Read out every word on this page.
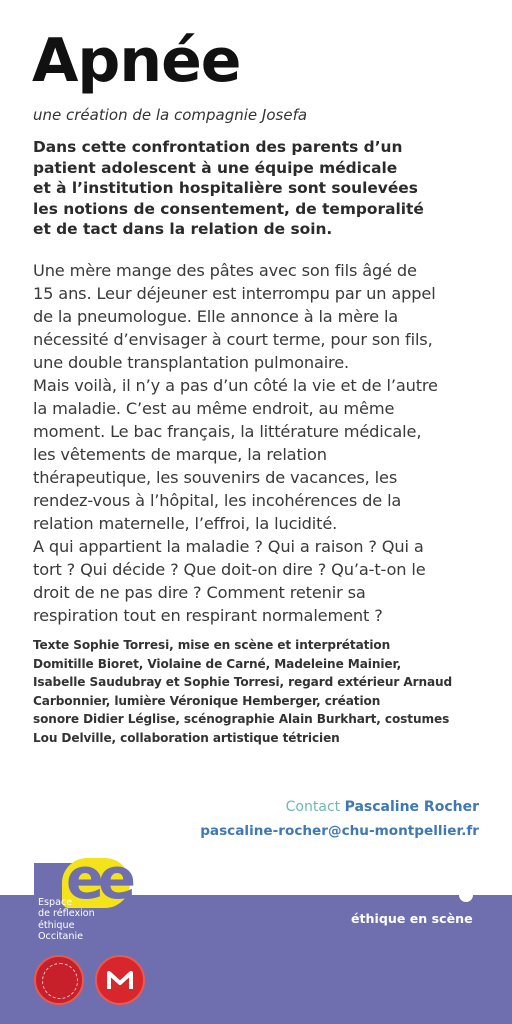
Apnée
une création de la compagnie Josefa
Dans cette confrontation des parents d’un
patient adolescent à une équipe médicale
et à l’institution hospitalière sont soulevées
les notions de consentement, de temporalité
et de tact dans la relation de soin.
Une mère mange des pâtes avec son fils âgé de
15 ans. Leur déjeuner est interrompu par un appel
de la pneumologue. Elle annonce à la mère la
nécessité d’envisager à court terme, pour son fils,
une double transplantation pulmonaire.
Mais voilà, il n’y a pas d’un côté la vie et de l’autre
la maladie. C’est au même endroit, au même
moment. Le bac français, la littérature médicale,
les vêtements de marque, la relation
thérapeutique, les souvenirs de vacances, les
rendez-vous à l’hôpital, les incohérences de la
relation maternelle, l’effroi, la lucidité.
A qui appartient la maladie ? Qui a raison ? Qui a
tort ? Qui décide ? Que doit-on dire ? Qu’a-t-on le
droit de ne pas dire ? Comment retenir sa
respiration tout en respirant normalement ?
Texte Sophie Torresi, mise en scène et interprétation
Domitille Bioret, Violaine de Carné, Madeleine Mainier,
Isabelle Saudubray et Sophie Torresi, regard extérieur Arnaud
Carbonnier, lumière Véronique Hemberger, création
sonore Didier Léglise, scénographie Alain Burkhart, costumes
Lou Delville, collaboration artistique tétricien
Contact Pascaline Rocher
pascaline-rocher@chu-montpellier.fr
ee
Espace
de réflexion
éthique
Occitanie
éthique en scène
